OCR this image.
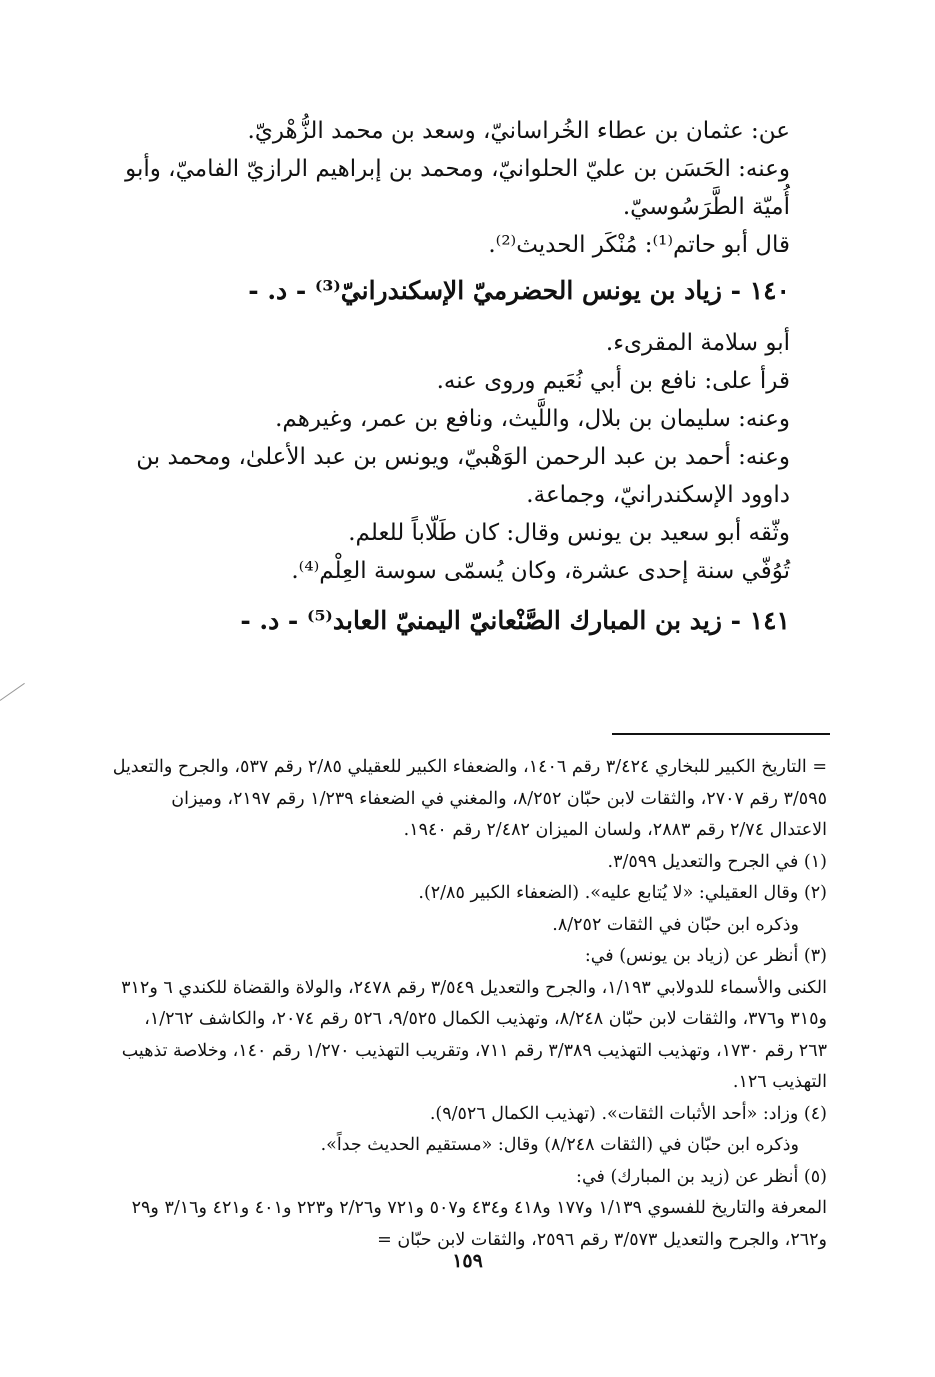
عن: عثمان بن عطاء الخُراسانيّ، وسعد بن محمد الزُّهْريّ.

وعنه: الحَسَن بن عليّ الحلوانيّ، ومحمد بن إبراهيم الرازيّ الفاميّ، وأبو أُميّة الطَّرَسُوسيّ.

قال أبو حاتم⁽¹⁾: مُنْكَر الحديث⁽²⁾.

١٤٠ - زياد بن يونس الحضرميّ الإسكندرانيّ⁽³⁾ - د. -

أبو سلامة المقرىء.

قرأ على: نافع بن أبي نُعَيم وروى عنه.

وعنه: سليمان بن بلال، واللَّيث، ونافع بن عمر، وغيرهم.

وعنه: أحمد بن عبد الرحمن الوَهْبيّ، ويونس بن عبد الأعلىٰ، ومحمد بن داوود الإسكندرانيّ، وجماعة.

وثّقه أبو سعيد بن يونس وقال: كان طَلّاباً للعلم.

تُوُفّي سنة إحدى عشرة، وكان يُسمّى سوسة العِلْم⁽⁴⁾.

١٤١ - زيد بن المبارك الصَّنْعانيّ اليمنيّ العابد⁽⁵⁾ - د. -

= التاريخ الكبير للبخاري ٣/٤٢٤ رقم ١٤٠٦، والضعفاء الكبير للعقيلي ٢/٨٥ رقم ٥٣٧، والجرح والتعديل ٣/٥٩٥ رقم ٢٧٠٧، والثقات لابن حبّان ٨/٢٥٢، والمغني في الضعفاء ١/٢٣٩ رقم ٢١٩٧، وميزان الاعتدال ٢/٧٤ رقم ٢٨٨٣، ولسان الميزان ٢/٤٨٢ رقم ١٩٤٠.

(١) في الجرح والتعديل ٣/٥٩٩.

(٢) وقال العقيلي: «لا يُتابع عليه». (الضعفاء الكبير ٢/٨٥).

وذكره ابن حبّان في الثقات ٨/٢٥٢.

(٣) أنظر عن (زياد بن يونس) في:

الكنى والأسماء للدولابي ١/١٩٣، والجرح والتعديل ٣/٥٤٩ رقم ٢٤٧٨، والولاة والقضاة للكندي ٦ و٣١٢ و٣١٥ و٣٧٦، والثقات لابن حبّان ٨/٢٤٨، وتهذيب الكمال ٩/٥٢٥، ٥٢٦ رقم ٢٠٧٤، والكاشف ١/٢٦٢، ٢٦٣ رقم ١٧٣٠، وتهذيب التهذيب ٣/٣٨٩ رقم ٧١١، وتقريب التهذيب ١/٢٧٠ رقم ١٤٠، وخلاصة تذهيب التهذيب ١٢٦.

(٤) وزاد: «أحد الأثبات الثقات». (تهذيب الكمال ٩/٥٢٦).

وذكره ابن حبّان في (الثقات ٨/٢٤٨) وقال: «مستقيم الحديث جداً».

(٥) أنظر عن (زيد بن المبارك) في:

المعرفة والتاريخ للفسوي ١/١٣٩ و١٧٧ و٤١٨ و٤٣٤ و٥٠٧ و٧٢١ و٢/٢٦ و٢٢٣ و٤٠١ و٤٢١ و٣/١٦ و٢٩ و٢٦٢، والجرح والتعديل ٣/٥٧٣ رقم ٢٥٩٦، والثقات لابن حبّان =

١٥٩
